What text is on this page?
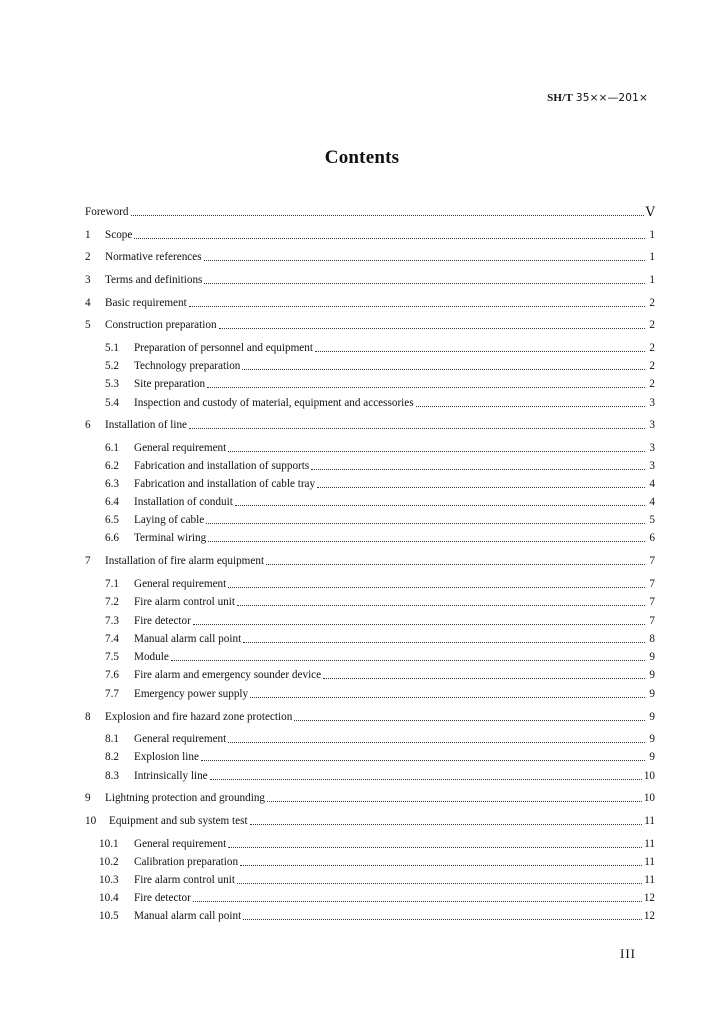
SH/T 35××—201×
Contents
Foreword	Ⅴ
1	Scope	1
2	Normative references	1
3	Terms and definitions	1
4	Basic requirement	2
5	Construction preparation	2
5.1	Preparation of personnel and equipment	2
5.2	Technology preparation	2
5.3	Site preparation	2
5.4	Inspection and custody of material, equipment and accessories	3
6	Installation of line	3
6.1	General requirement	3
6.2	Fabrication and installation of supports	3
6.3	Fabrication and installation of cable tray	4
6.4	Installation of conduit	4
6.5	Laying of cable	5
6.6	Terminal wiring	6
7	Installation of fire alarm equipment	7
7.1	General requirement	7
7.2	Fire alarm control unit	7
7.3	Fire detector	7
7.4	Manual alarm call point	8
7.5	Module	9
7.6	Fire alarm and emergency sounder device	9
7.7	Emergency power supply	9
8	Explosion and fire hazard zone protection	9
8.1	General requirement	9
8.2	Explosion line	9
8.3	Intrinsically line	10
9	Lightning protection and grounding	10
10	Equipment and sub system test	11
10.1	General requirement	11
10.2	Calibration preparation	11
10.3	Fire alarm control unit	11
10.4	Fire detector	12
10.5	Manual alarm call point	12
III
